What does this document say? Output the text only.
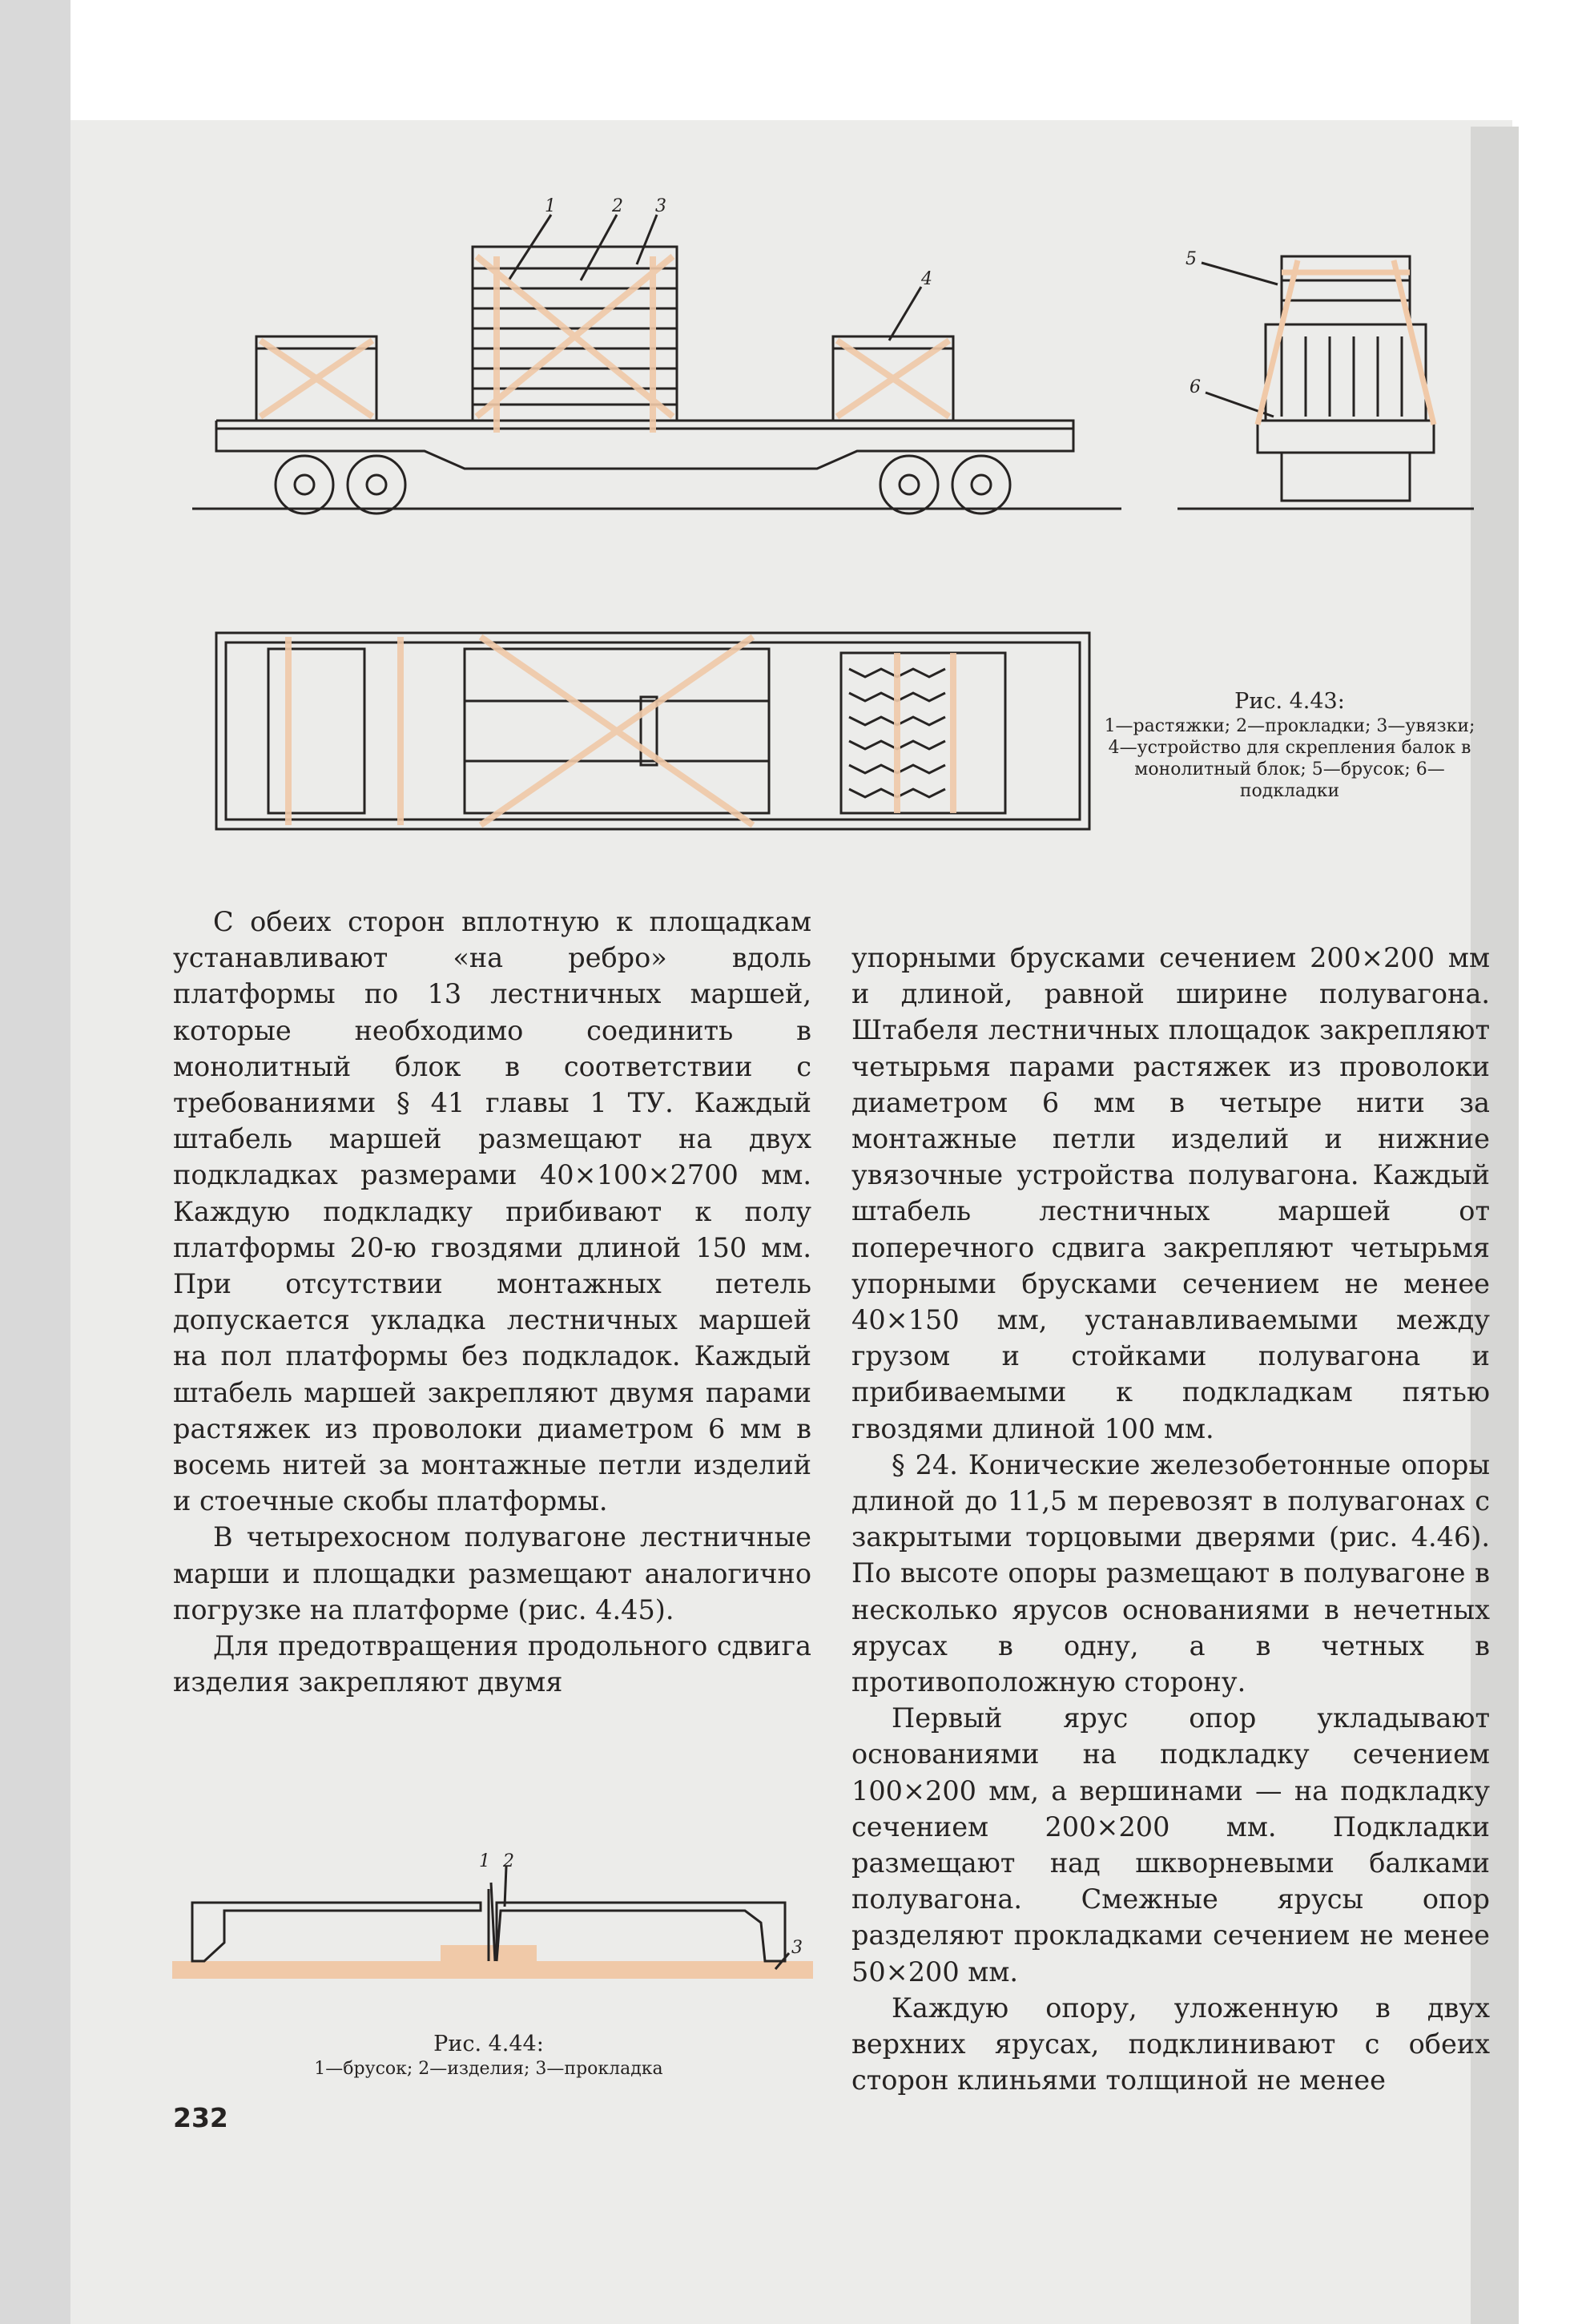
1	2 3
4
5
6
Рис. 4.43:
1—растяжки; 2—прокладки; 3—увязки; 4—устройство для скрепления балок в монолитный блок; 5—брусок; 6—подкладки

С обеих сторон вплотную к площадкам устанавливают «на ребро» вдоль платформы по 13 лестничных маршей, которые необходимо соединить в монолитный блок в соответствии с требованиями § 41 главы 1 ТУ. Каждый штабель маршей размещают на двух подкладках размерами 40×100×2700 мм. Каждую подкладку прибивают к полу платформы 20-ю гвоздями длиной 150 мм. При отсутствии монтажных петель допускается укладка лестничных маршей на пол платформы без подкладок. Каждый штабель маршей закрепляют двумя парами растяжек из проволоки диаметром 6 мм в восемь нитей за монтажные петли изделий и стоечные скобы платформы.

В четырехосном полувагоне лестничные марши и площадки размещают аналогично погрузке на платформе (рис. 4.45).

Для предотвращения продольного сдвига изделия закрепляют двумя

упорными брусками сечением 200×200 мм и длиной, равной ширине полувагона. Штабеля лестничных площадок закрепляют четырьмя парами растяжек из проволоки диаметром 6 мм в четыре нити за монтажные петли изделий и нижние увязочные устройства полувагона. Каждый штабель лестничных маршей от поперечного сдвига закрепляют четырьмя упорными брусками сечением не менее 40×150 мм, устанавливаемыми между грузом и стойками полувагона и прибиваемыми к подкладкам пятью гвоздями длиной 100 мм.

§ 24. Конические железобетонные опоры длиной до 11,5 м перевозят в полувагонах с закрытыми торцовыми дверями (рис. 4.46). По высоте опоры размещают в полувагоне в несколько ярусов основаниями в нечетных ярусах в одну, а в четных в противоположную сторону.

Первый ярус опор укладывают основаниями на подкладку сечением 100×200 мм, а вершинами — на подкладку сечением 200×200 мм. Подкладки размещают над шкворневыми балками полувагона. Смежные ярусы опор разделяют прокладками сечением не менее 50×200 мм.

Каждую опору, уложенную в двух верхних ярусах, подклинивают с обеих сторон клиньями толщиной не менее

1 2
3
Рис. 4.44:
1—брусок; 2—изделия; 3—прокладка
232
